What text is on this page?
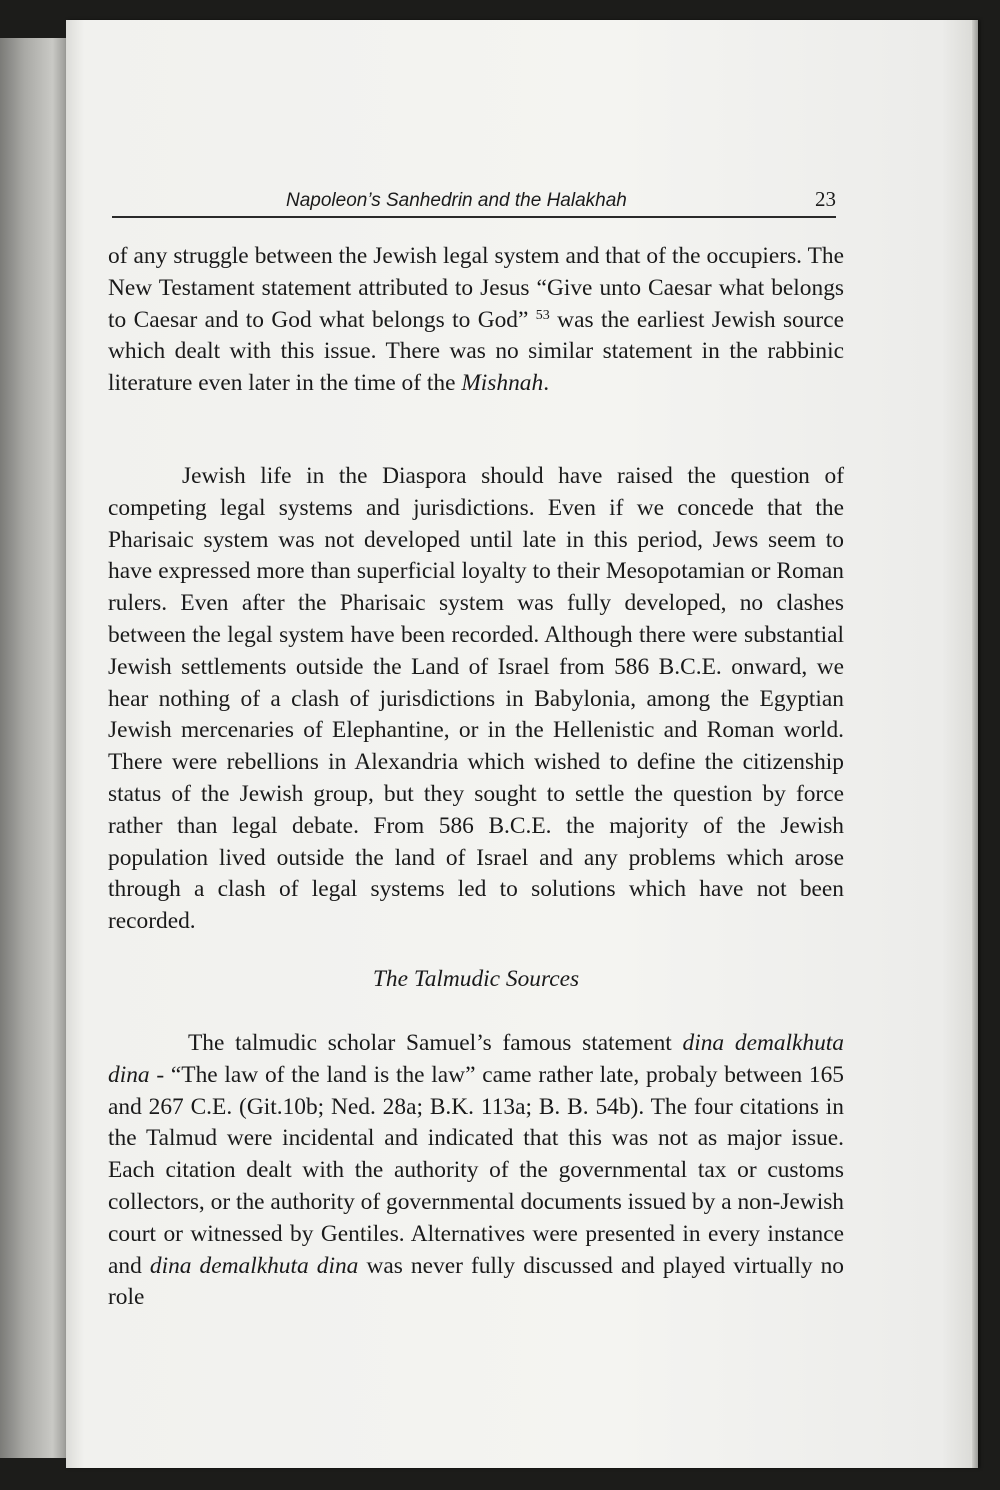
Napoleon’s Sanhedrin and the Halakhah	23
of any struggle between the Jewish legal system and that of the occupiers. The New Testament statement attributed to Jesus “Give unto Caesar what belongs to Caesar and to God what belongs to God” $^{53}$ was the earliest Jewish source which dealt with this issue. There was no similar statement in the rabbinic literature even later in the time of the Mishnah.
Jewish life in the Diaspora should have raised the question of competing legal systems and jurisdictions. Even if we concede that the Pharisaic system was not developed until late in this period, Jews seem to have expressed more than superficial loyalty to their Mesopotamian or Roman rulers. Even after the Pharisaic system was fully developed, no clashes between the legal system have been recorded. Although there were substantial Jewish settlements outside the Land of Israel from 586 B.C.E. onward, we hear nothing of a clash of jurisdictions in Babylonia, among the Egyptian Jewish mercenaries of Elephantine, or in the Hellenistic and Roman world. There were rebellions in Alexandria which wished to define the citizenship status of the Jewish group, but they sought to settle the question by force rather than legal debate. From 586 B.C.E. the majority of the Jewish population lived outside the land of Israel and any problems which arose through a clash of legal systems led to solutions which have not been recorded.
The Talmudic Sources
The talmudic scholar Samuel’s famous statement dina demalkhuta dina - “The law of the land is the law” came rather late, probaly between 165 and 267 C.E. (Git.10b; Ned. 28a; B.K. 113a; B. B. 54b). The four citations in the Talmud were incidental and indicated that this was not as major issue. Each citation dealt with the authority of the governmental tax or customs collectors, or the authority of governmental documents issued by a non-Jewish court or witnessed by Gentiles. Alternatives were presented in every instance and dina demalkhuta dina was never fully discussed and played virtually no role
